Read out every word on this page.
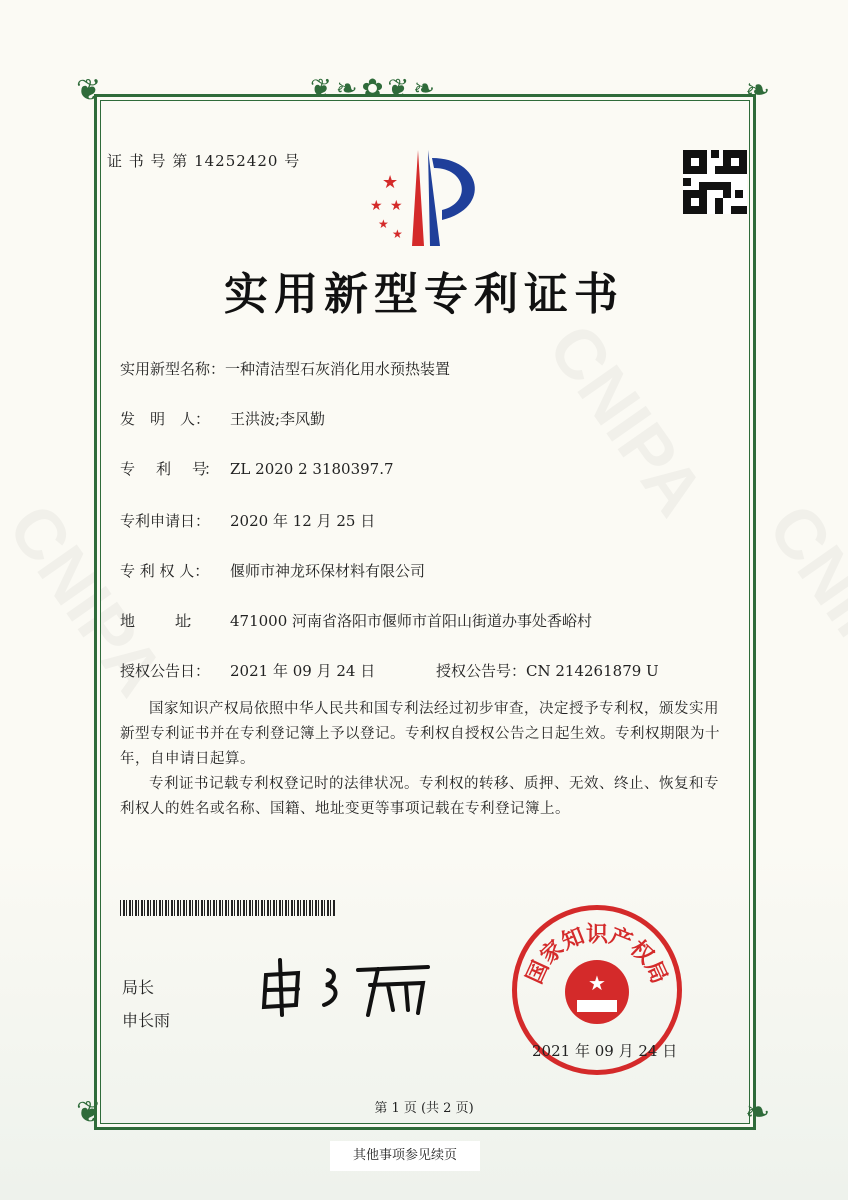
❦❧✿❦❧
❦	❧
❦	❧
证 书 号 第 14252420 号
★
★ ★
★
★
实用新型专利证书
实用新型名称：一种清洁型石灰消化用水预热装置
发　明　人： 王洪波;李风勤
专　　利　　号： ZL 2020 2 3180397.7
专利申请日： 2020 年 12 月 25 日
专 利 权 人： 偃师市神龙环保材料有限公司
地　　　　址： 471000 河南省洛阳市偃师市首阳山街道办事处香峪村
授权公告日： 2021 年 09 月 24 日	授权公告号：CN 214261879 U
国家知识产权局依照中华人民共和国专利法经过初步审查，决定授予专利权，颁发实用新型专利证书并在专利登记簿上予以登记。专利权自授权公告之日起生效。专利权期限为十年，自申请日起算。
专利证书记载专利权登记时的法律状况。专利权的转移、质押、无效、终止、恢复和专利权人的姓名或名称、国籍、地址变更等事项记载在专利登记簿上。
局长
申长雨
国家知识产权局
★
2021 年 09 月 24 日
第 1 页 (共 2 页)
其他事项参见续页
